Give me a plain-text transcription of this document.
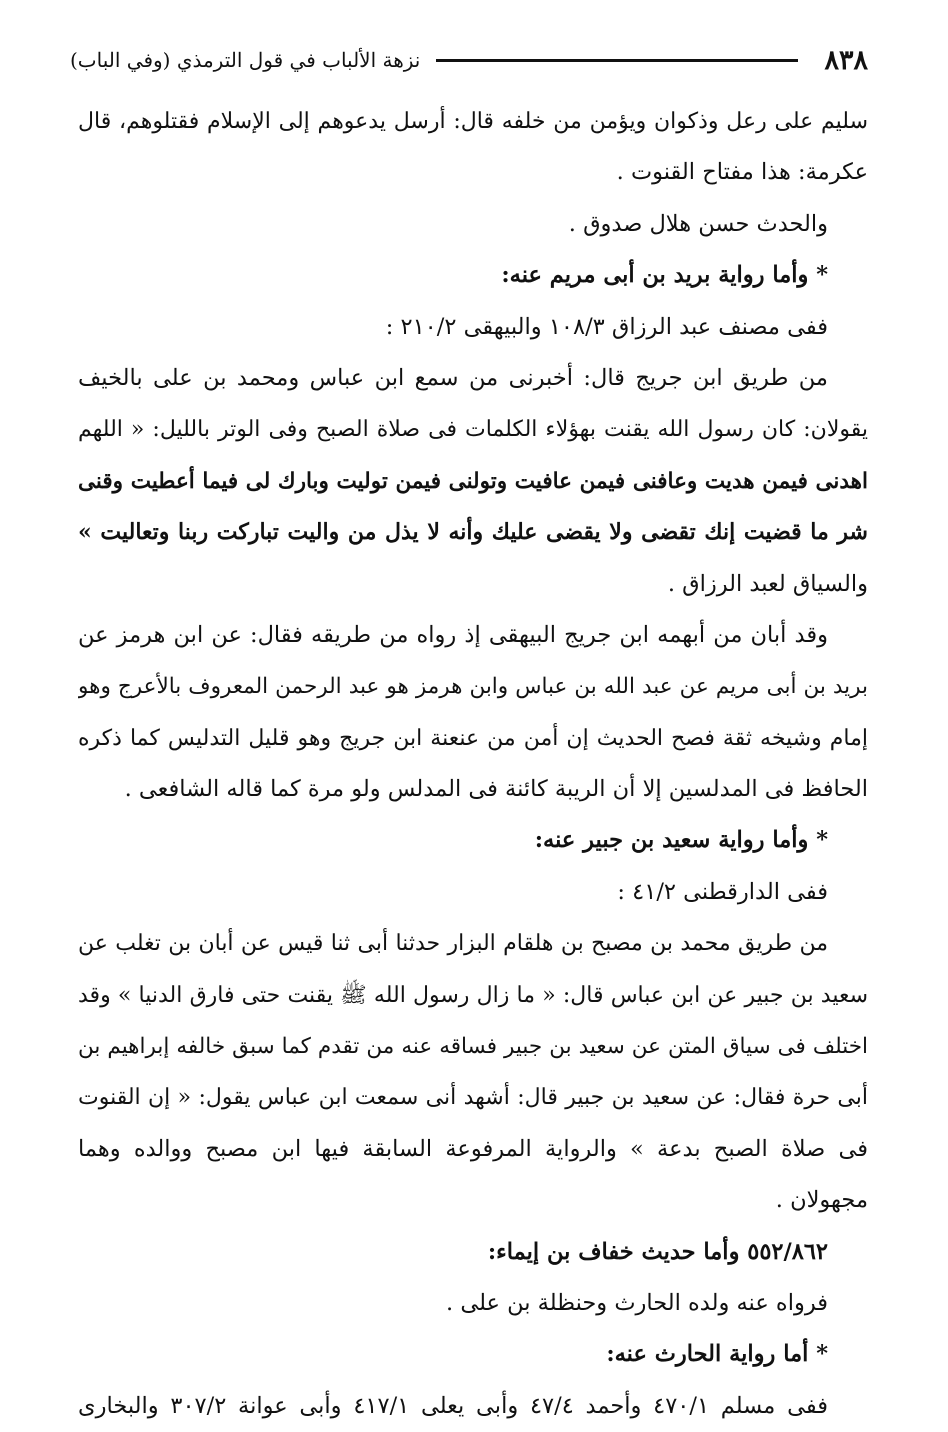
٨٣٨
نزهة الألباب في قول الترمذي (وفي الباب)
سليم على رعل وذكوان ويؤمن من خلفه قال: أرسل يدعوهم إلى الإسلام فقتلوهم، قال
عكرمة: هذا مفتاح القنوت .
والحدث حسن هلال صدوق .
* وأما رواية بريد بن أبى مريم عنه:
ففى مصنف عبد الرزاق ١٠٨/٣ والبيهقى ٢١٠/٢ :
من طريق ابن جريج قال: أخبرنى من سمع ابن عباس ومحمد بن على بالخيف
يقولان: كان رسول الله يقنت بهؤلاء الكلمات فى صلاة الصبح وفى الوتر بالليل: « اللهم
اهدنى فيمن هديت وعافنى فيمن عافيت وتولنى فيمن توليت وبارك لى فيما أعطيت وقنى
شر ما قضيت إنك تقضى ولا يقضى عليك وأنه لا يذل من واليت تباركت ربنا وتعاليت »
والسياق لعبد الرزاق .
وقد أبان من أبهمه ابن جريج البيهقى إذ رواه من طريقه فقال: عن ابن هرمز عن
بريد بن أبى مريم عن عبد الله بن عباس وابن هرمز هو عبد الرحمن المعروف بالأعرج وهو
إمام وشيخه ثقة فصح الحديث إن أمن من عنعنة ابن جريج وهو قليل التدليس كما ذكره
الحافظ فى المدلسين إلا أن الريبة كائنة فى المدلس ولو مرة كما قاله الشافعى .
* وأما رواية سعيد بن جبير عنه:
ففى الدارقطنى ٤١/٢ :
من طريق محمد بن مصبح بن هلقام البزار حدثنا أبى ثنا قيس عن أبان بن تغلب عن
سعيد بن جبير عن ابن عباس قال: « ما زال رسول الله ﷺ يقنت حتى فارق الدنيا » وقد
اختلف فى سياق المتن عن سعيد بن جبير فساقه عنه من تقدم كما سبق خالفه إبراهيم بن
أبى حرة فقال: عن سعيد بن جبير قال: أشهد أنى سمعت ابن عباس يقول: « إن القنوت
فى صلاة الصبح بدعة » والرواية المرفوعة السابقة فيها ابن مصبح ووالده وهما
مجهولان .
٥٥٢/٨٦٢ وأما حديث خفاف بن إيماء:
فرواه عنه ولده الحارث وحنظلة بن على .
* أما رواية الحارث عنه:
ففى مسلم ٤٧٠/١ وأحمد ٤٧/٤ وأبى يعلى ٤١٧/١ وأبى عوانة ٣٠٧/٢ والبخارى
